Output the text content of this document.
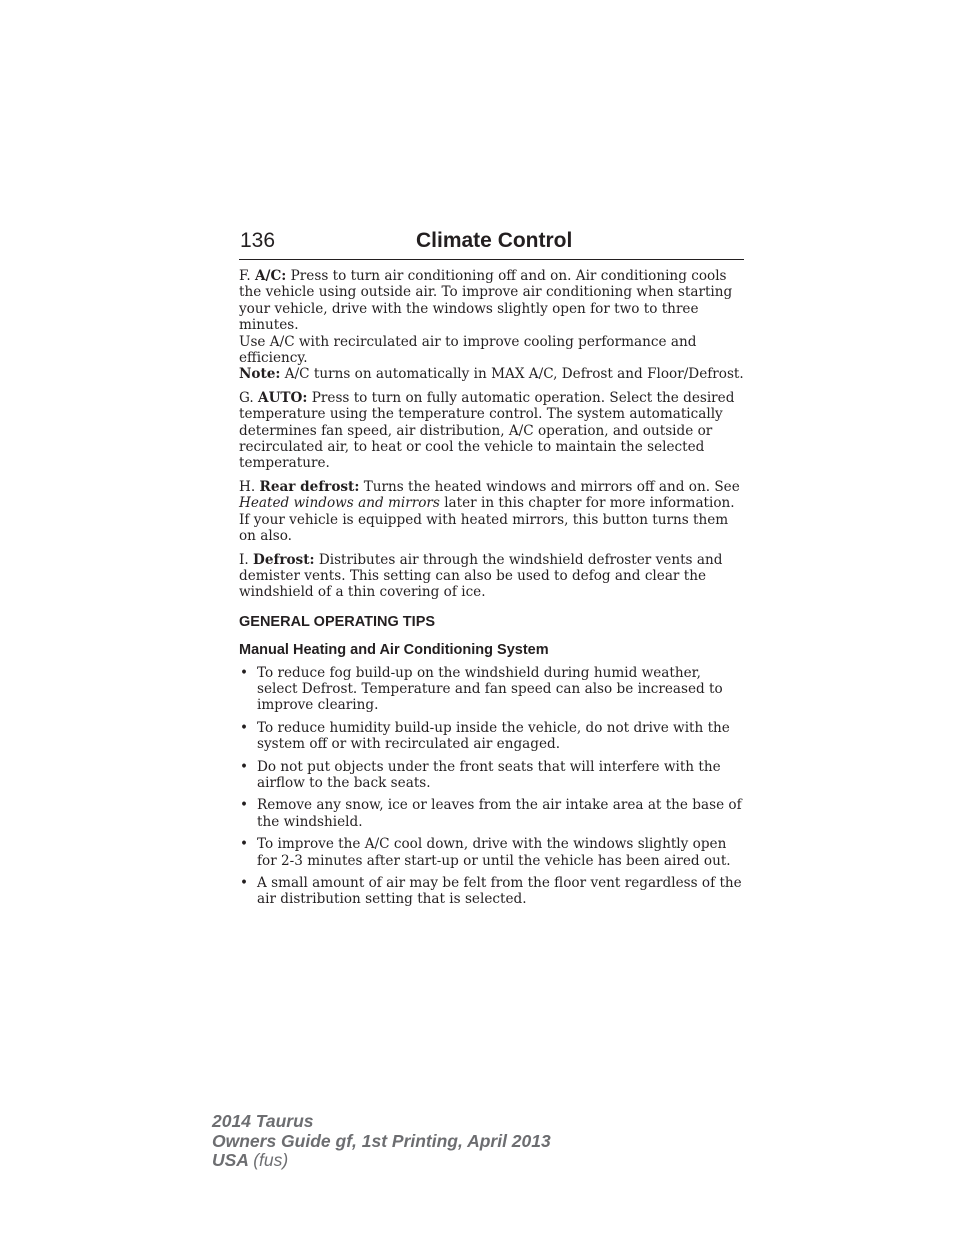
136	Climate Control

F. A/C: Press to turn air conditioning off and on. Air conditioning cools the vehicle using outside air. To improve air conditioning when starting your vehicle, drive with the windows slightly open for two to three minutes.

Use A/C with recirculated air to improve cooling performance and efficiency.

Note: A/C turns on automatically in MAX A/C, Defrost and Floor/Defrost.

G. AUTO: Press to turn on fully automatic operation. Select the desired temperature using the temperature control. The system automatically determines fan speed, air distribution, A/C operation, and outside or recirculated air, to heat or cool the vehicle to maintain the selected temperature.

H. Rear defrost: Turns the heated windows and mirrors off and on. See Heated windows and mirrors later in this chapter for more information. If your vehicle is equipped with heated mirrors, this button turns them on also.

I. Defrost: Distributes air through the windshield defroster vents and demister vents. This setting can also be used to defog and clear the windshield of a thin covering of ice.

GENERAL OPERATING TIPS

Manual Heating and Air Conditioning System

• To reduce fog build-up on the windshield during humid weather, select Defrost. Temperature and fan speed can also be increased to improve clearing.
• To reduce humidity build-up inside the vehicle, do not drive with the system off or with recirculated air engaged.
• Do not put objects under the front seats that will interfere with the airflow to the back seats.
• Remove any snow, ice or leaves from the air intake area at the base of the windshield.
• To improve the A/C cool down, drive with the windows slightly open for 2-3 minutes after start-up or until the vehicle has been aired out.
• A small amount of air may be felt from the floor vent regardless of the air distribution setting that is selected.
2014 Taurus
Owners Guide gf, 1st Printing, April 2013
USA (fus)
